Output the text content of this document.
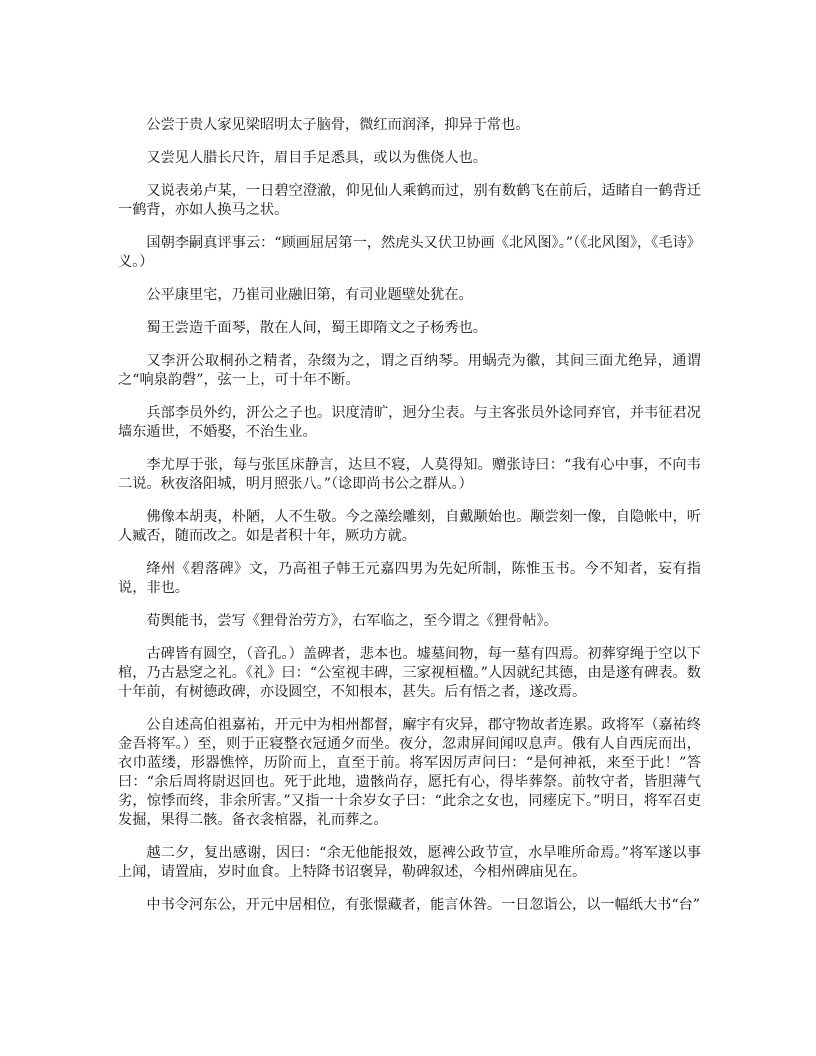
公尝于贵人家见梁昭明太子脑骨，微红而润泽，抑异于常也。

又尝见人腊长尺许，眉目手足悉具，或以为僬侥人也。

又说表弟卢某，一日碧空澄澈，仰见仙人乘鹤而过，别有数鹤飞在前后，适睹自一鹤背迁一鹤背，亦如人换马之状。

国朝李嗣真评事云：“顾画屈居第一，然虎头又伏卫协画《北风图》。”（《北风图》，《毛诗》义。）

公平康里宅，乃崔司业融旧第，有司业题壁处犹在。

蜀王尝造千面琴，散在人间，蜀王即隋文之子杨秀也。

又李汧公取桐孙之精者，杂缀为之，谓之百纳琴。用蜗壳为徽，其间三面尤绝异，通谓之“响泉韵磬”，弦一上，可十年不断。

兵部李员外约，汧公之子也。识度清旷，迥分尘表。与主客张员外谂同弃官，并韦征君况墙东遁世，不婚娶，不治生业。

李尤厚于张，每与张匡床静言，达旦不寝，人莫得知。赠张诗曰：“我有心中事，不向韦二说。秋夜洛阳城，明月照张八。”（谂即尚书公之群从。）

佛像本胡夷，朴陋，人不生敬。今之藻绘雕刻，自戴颙始也。颙尝刻一像，自隐帐中，听人臧否，随而改之。如是者积十年，厥功方就。

绛州《碧落碑》文，乃高祖子韩王元嘉四男为先妃所制，陈惟玉书。今不知者，妄有指说，非也。

荀舆能书，尝写《狸骨治劳方》，右军临之，至今谓之《狸骨帖》。

古碑皆有圆空，（音孔。）盖碑者，悲本也。墟墓间物，每一墓有四焉。初葬穿绳于空以下棺，乃古悬窆之礼。《礼》曰：“公室视丰碑，三家视桓楹。”人因就纪其德，由是遂有碑表。数十年前，有树德政碑，亦设圆空，不知根本，甚失。后有悟之者，遂改焉。

公自述高伯祖嘉祐，开元中为相州都督，廨宇有灾异，郡守物故者连累。政将军（嘉祐终金吾将军。）至，则于正寝整衣冠通夕而坐。夜分，忽肃屏间闻叹息声。俄有人自西庑而出，衣巾蓝缕，形器憔悴，历阶而上，直至于前。将军因厉声问曰：“是何神祇，来至于此！”答曰：“余后周将尉迟回也。死于此地，遗骸尚存，愿托有心，得毕葬祭。前牧守者，皆胆薄气劣，惊悸而终，非余所害。”又指一十余岁女子曰：“此余之女也，同瘗庑下。”明日，将军召吏发掘，果得二骸。备衣衾棺器，礼而葬之。

越二夕，复出感谢，因曰：“余无他能报效，愿裨公政节宣，水旱唯所命焉。”将军遂以事上闻，请置庙，岁时血食。上特降书诏褒异，勒碑叙述，今相州碑庙见在。

中书令河东公，开元中居相位，有张憬藏者，能言休咎。一日忽诣公，以一幅纸大书“台”
